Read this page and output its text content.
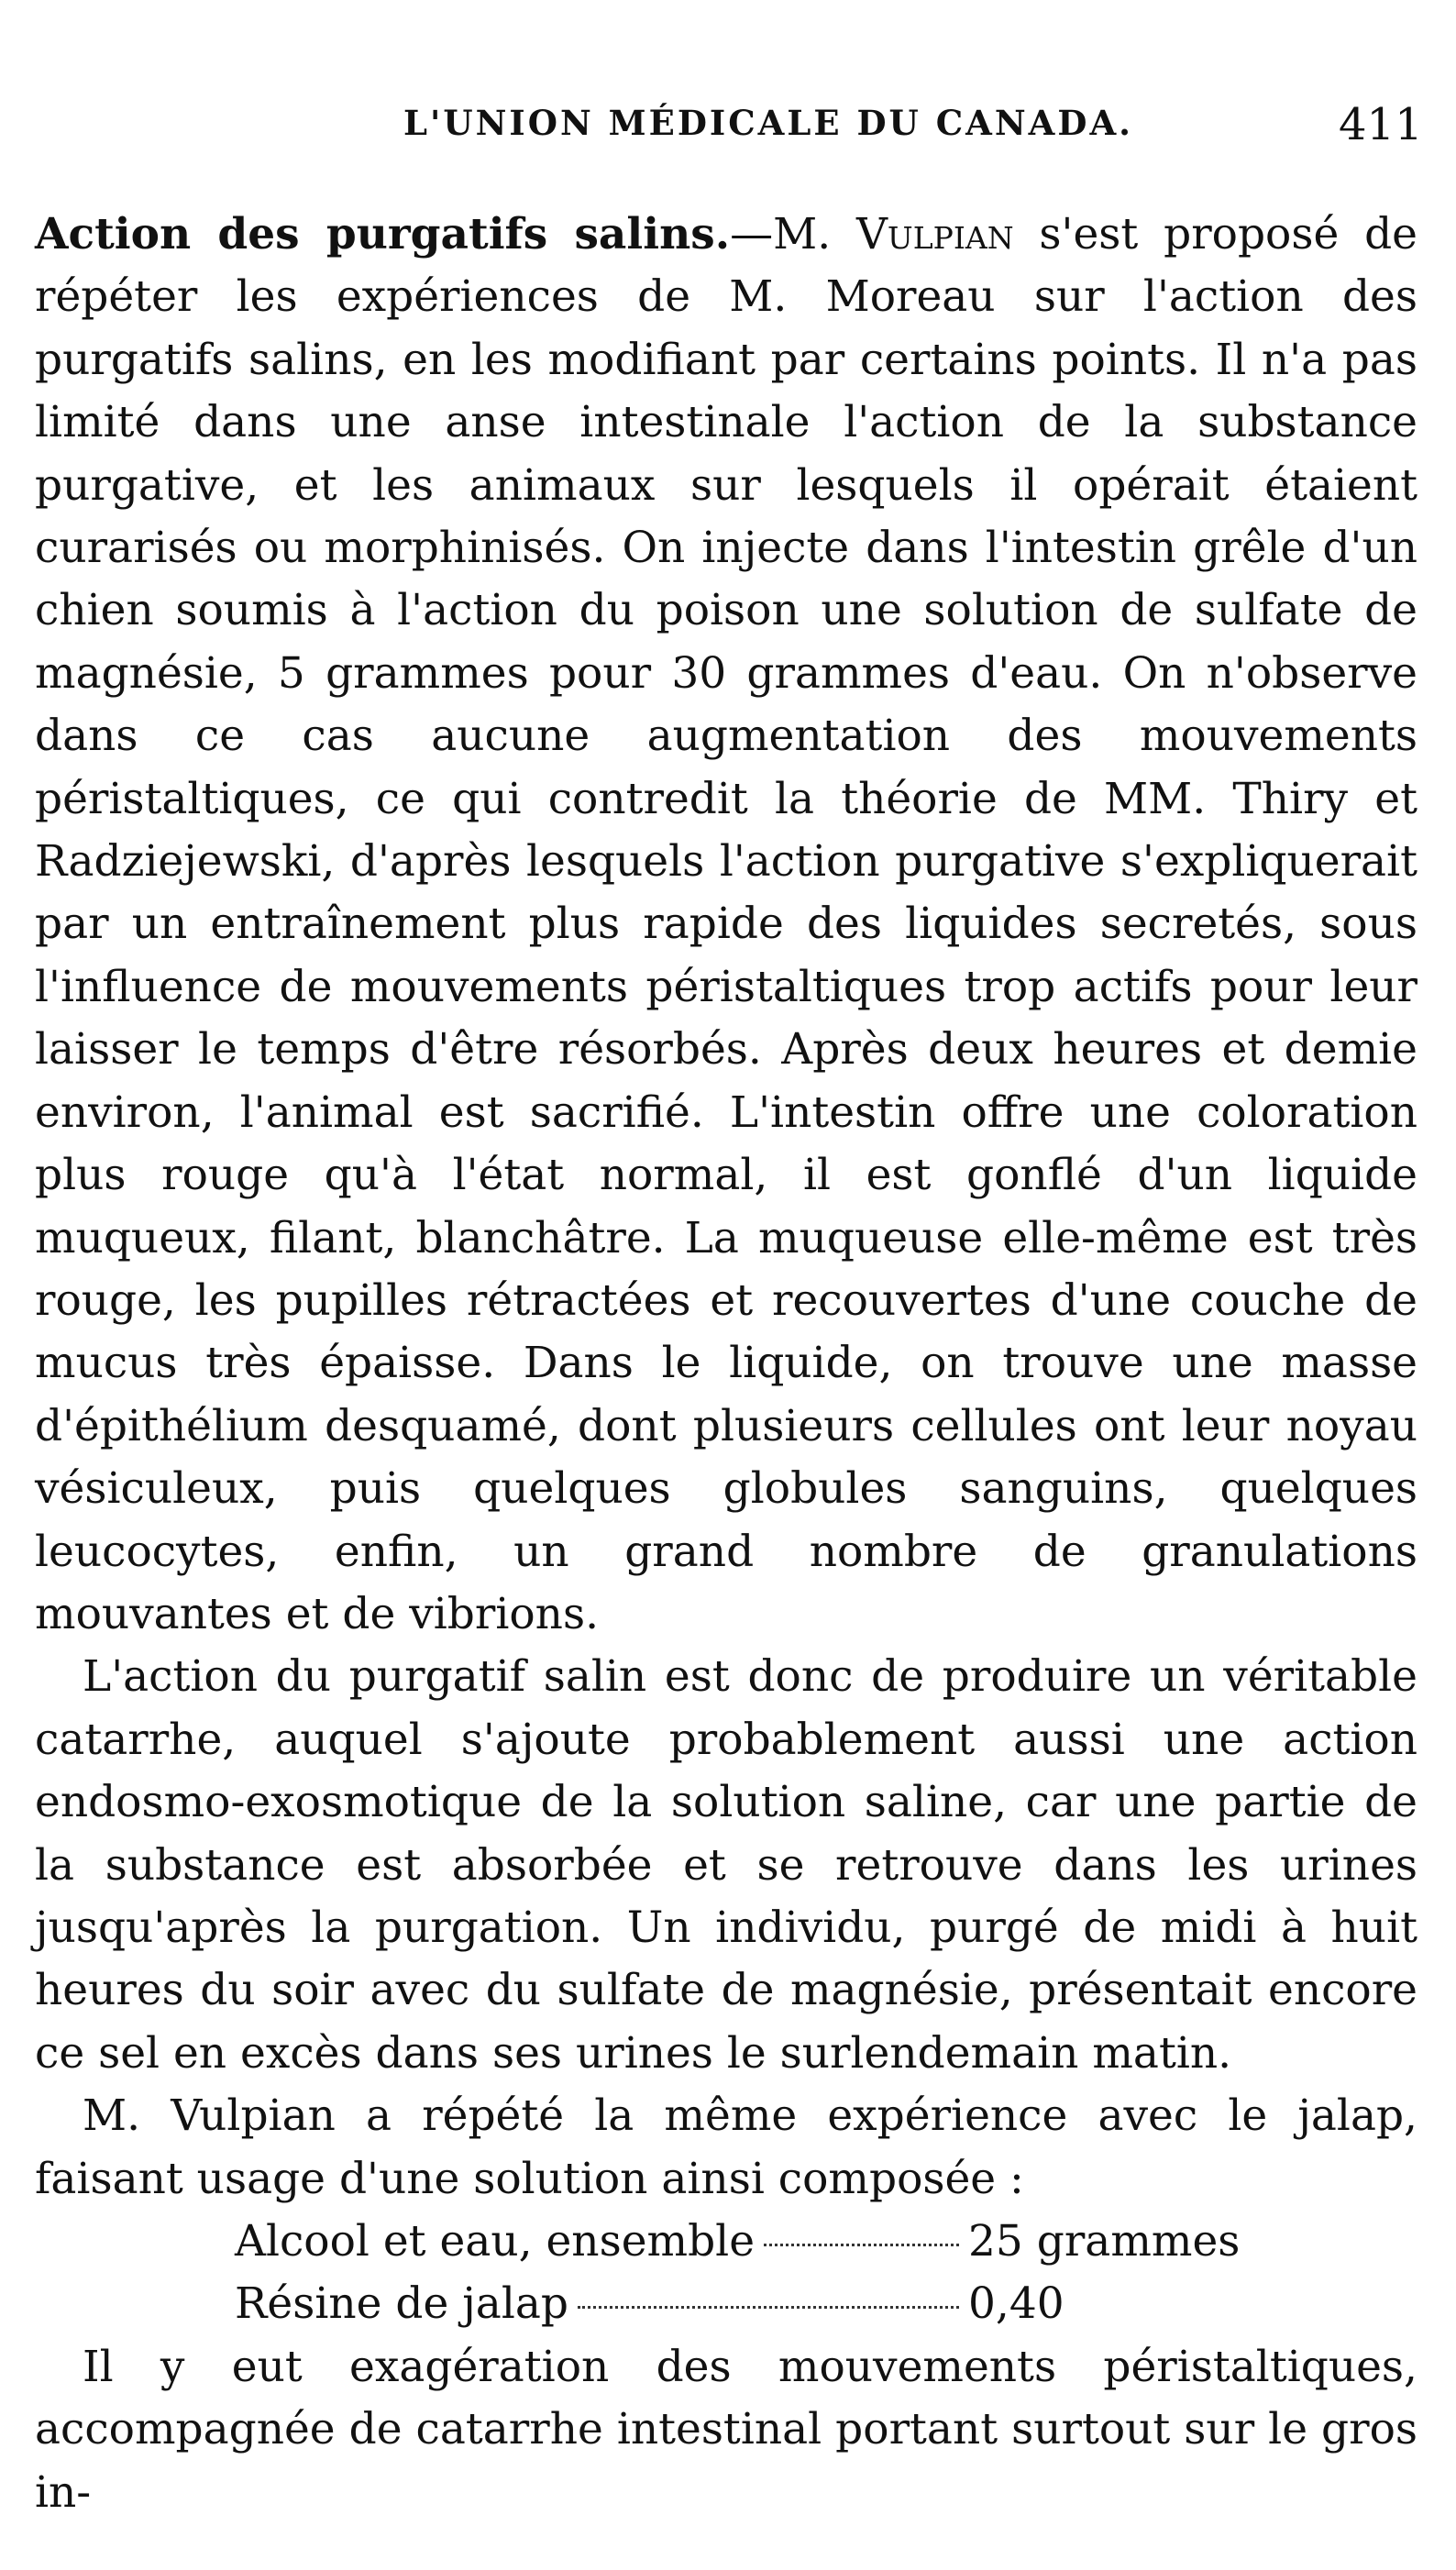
L'UNION MÉDICALE DU CANADA.	411

Action des purgatifs salins.—M. Vulpian s'est proposé de répéter les expériences de M. Moreau sur l'action des purgatifs salins, en les modifiant par certains points. Il n'a pas limité dans une anse intestinale l'action de la substance purgative, et les animaux sur lesquels il opérait étaient curarisés ou morphinisés. On injecte dans l'intestin grêle d'un chien soumis à l'action du poison une solution de sulfate de magnésie, 5 grammes pour 30 grammes d'eau. On n'observe dans ce cas aucune augmentation des mouvements péristaltiques, ce qui contredit la théorie de MM. Thiry et Radziejewski, d'après lesquels l'action purgative s'expliquerait par un entraînement plus rapide des liquides secretés, sous l'influence de mouvements péristaltiques trop actifs pour leur laisser le temps d'être résorbés. Après deux heures et demie environ, l'animal est sacrifié. L'intestin offre une coloration plus rouge qu'à l'état normal, il est gonflé d'un liquide muqueux, filant, blanchâtre. La muqueuse elle-même est très rouge, les pupilles rétractées et recouvertes d'une couche de mucus très épaisse. Dans le liquide, on trouve une masse d'épithélium desquamé, dont plusieurs cellules ont leur noyau vésiculeux, puis quelques globules sanguins, quelques leucocytes, enfin, un grand nombre de granulations mouvantes et de vibrions.

L'action du purgatif salin est donc de produire un véritable catarrhe, auquel s'ajoute probablement aussi une action endosmo-exosmotique de la solution saline, car une partie de la substance est absorbée et se retrouve dans les urines jusqu'après la purgation. Un individu, purgé de midi à huit heures du soir avec du sulfate de magnésie, présentait encore ce sel en excès dans ses urines le surlendemain matin.

M. Vulpian a répété la même expérience avec le jalap, faisant usage d'une solution ainsi composée :

Alcool et eau, ensemble	25 grammes
Résine de jalap	0,40

Il y eut exagération des mouvements péristaltiques, accompagnée de catarrhe intestinal portant surtout sur le gros in-
